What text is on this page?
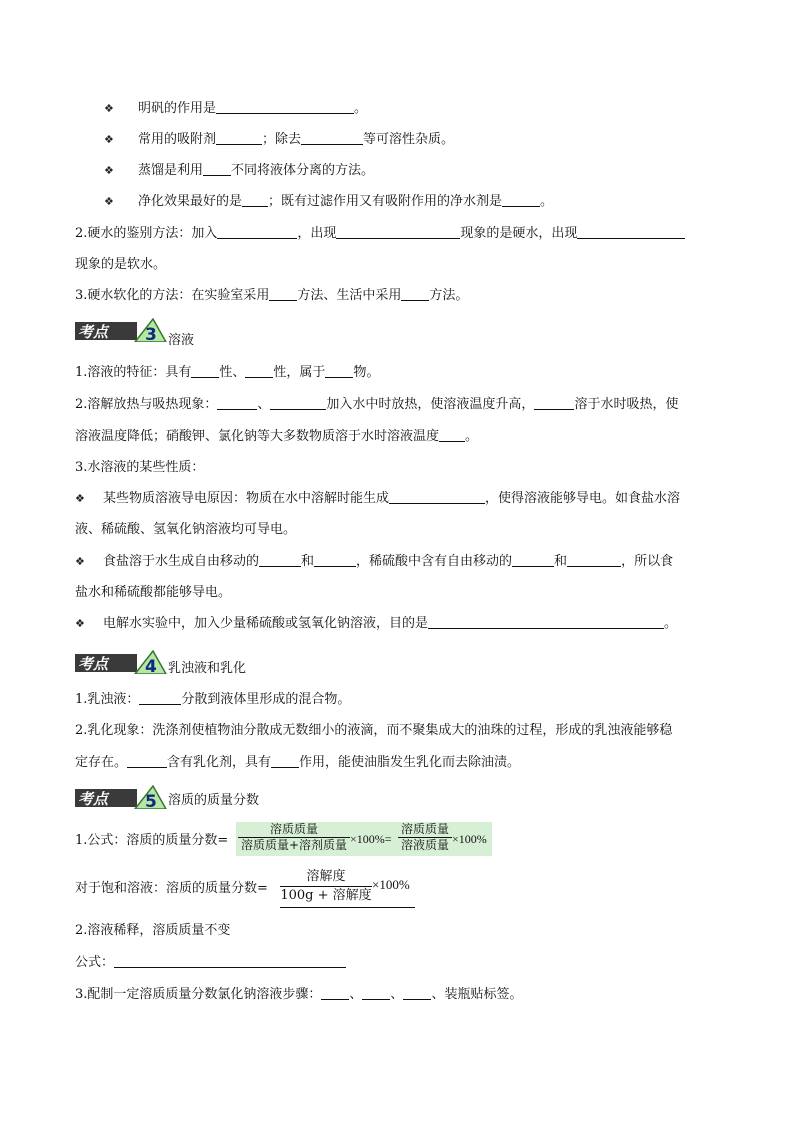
❖ 明矾的作用是	。
❖ 常用的吸附剂	；除去	等可溶性杂质。
❖ 蒸馏是利用 不同将液体分离的方法。
❖ 净化效果最好的是 ；既有过滤作用又有吸附作用的净水剂是	。
2.硬水的鉴别方法：加入	，出现	现象的是硬水，出现
现象的是软水。
3.硬水软化的方法：在实验室采用 方法、生活中采用 方法。
考点 3 溶液
1.溶液的特征：具有 性、 性，属于 物。
2.溶解放热与吸热现象：	、	加入水中时放热，使溶液温度升高，	溶于水时吸热，使
溶液温度降低；硝酸钾、氯化钠等大多数物质溶于水时溶液温度 。
3.水溶液的某些性质：
❖ 某些物质溶液导电原因：物质在水中溶解时能生成	，使得溶液能够导电。如食盐水溶
液、稀硫酸、氢氧化钠溶液均可导电。
❖ 食盐溶于水生成自由移动的	和	，稀硫酸中含有自由移动的	和	，所以食
盐水和稀硫酸都能够导电。
❖ 电解水实验中，加入少量稀硫酸或氢氧化钠溶液，目的是	。
考点 4 乳浊液和乳化
1.乳浊液：	分散到液体里形成的混合物。
2.乳化现象：洗涤剂使植物油分散成无数细小的液滴，而不聚集成大的油珠的过程，形成的乳浊液能够稳
定存在。	含有乳化剂，具有 作用，能使油脂发生乳化而去除油渍。
考点 5 溶质的质量分数
1.公式：溶质的质量分数=
溶质质量
溶质质量+溶剂质量 ×100%=
溶质质量
溶液质量 ×100%
对于饱和溶液：溶质的质量分数=
溶解度
100g + 溶解度
×100%
2.溶液稀释，溶质质量不变
公式：
3.配制一定溶质质量分数氯化钠溶液步骤： 、 、 、装瓶贴标签。
